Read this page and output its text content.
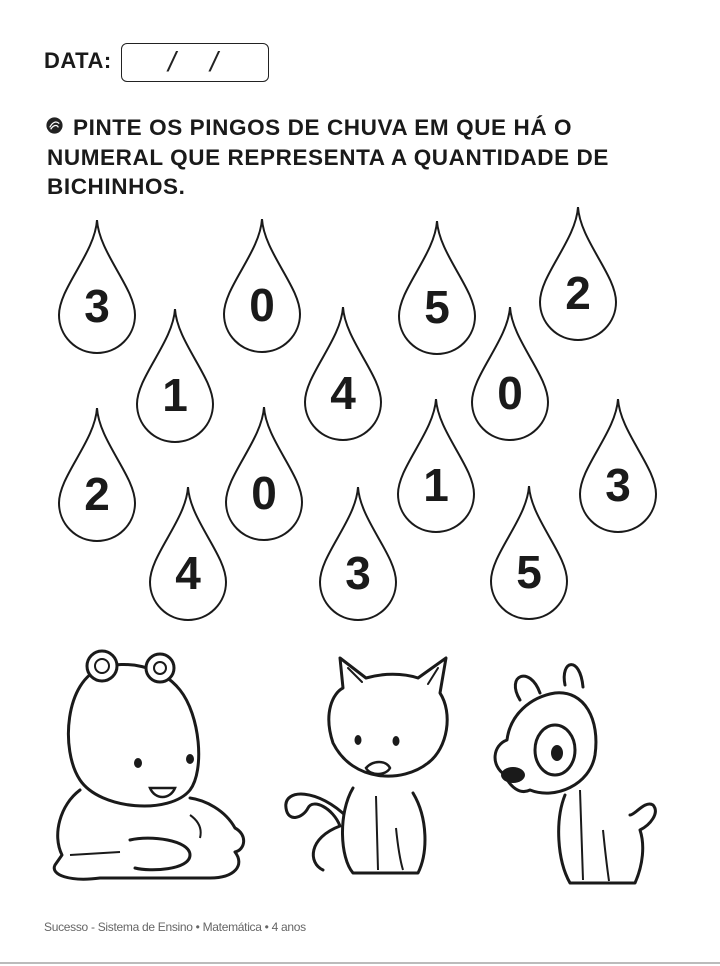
DATA: / /

PINTE OS PINGOS DE CHUVA EM QUE HÁ O NUMERAL QUE REPRESENTA A QUANTIDADE DE BICHINHOS.

3	0	5	2
1	4	0
2	0	1	3
4	3	5
Sucesso - Sistema de Ensino • Matemática • 4 anos
